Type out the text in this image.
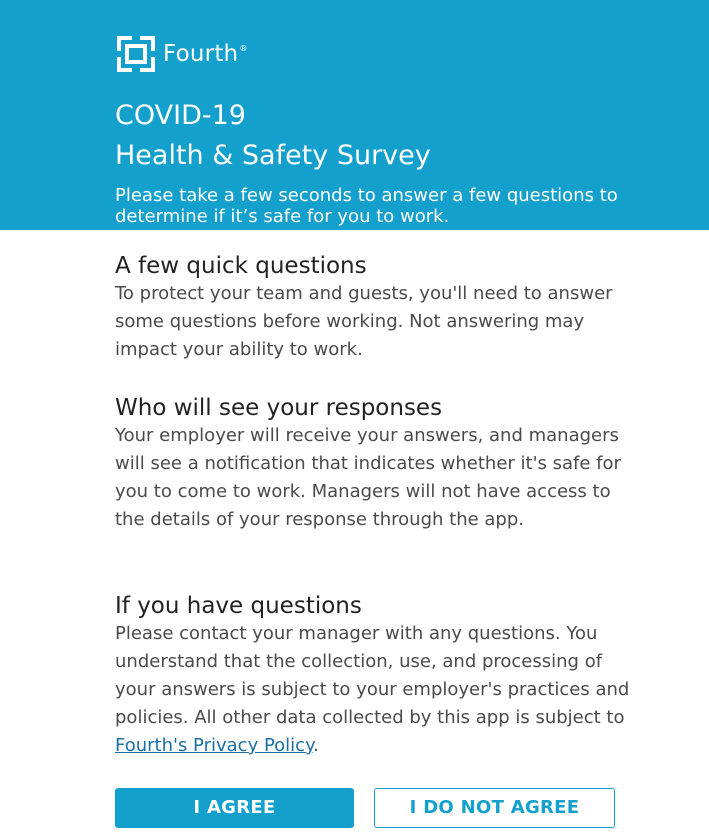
Fourth®
COVID-19
Health & Safety Survey
Please take a few seconds to answer a few questions to determine if it’s safe for you to work.
A few quick questions

To protect your team and guests, you'll need to answer some questions before working. Not answering may impact your ability to work.

Who will see your responses

Your employer will receive your answers, and managers will see a notification that indicates whether it's safe for you to come to work. Managers will not have access to the details of your response through the app.

If you have questions

Please contact your manager with any questions. You understand that the collection, use, and processing of your answers is subject to your employer's practices and policies. All other data collected by this app is subject to Fourth's Privacy Policy.

I AGREE	I DO NOT AGREE
